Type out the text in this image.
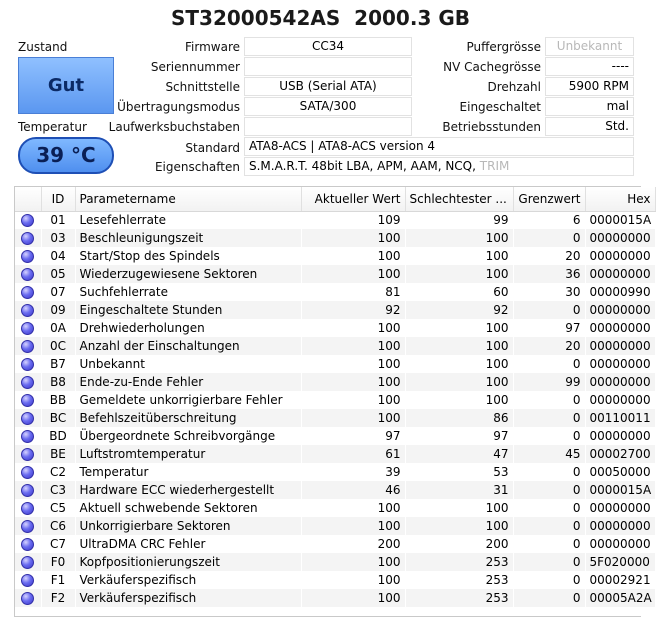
ST32000542AS  2000.3 GB
Zustand
Gut
Temperatur
39 °C
Firmware	CC34
Seriennummer
Schnittstelle	USB (Serial ATA)
Übertragungsmodus	SATA/300
Laufwerksbuchstaben
Puffergrösse	Unbekannt
NV Cachegrösse	----
Drehzahl	5900 RPM
Eingeschaltet	mal
Betriebsstunden	Std.
Standard ATA8-ACS | ATA8-ACS version 4
Eigenschaften S.M.A.R.T. 48bit LBA, APM, AAM, NCQ, TRIM
	ID	Parametername	Aktueller Wert	Schlechtester ...	Grenzwert	Hex
	01	Lesefehlerrate	109	99	6	0000015A
	03	Beschleunigungszeit	100	100	0	00000000
	04	Start/Stop des Spindels	100	100	20	00000000
	05	Wiederzugewiesene Sektoren	100	100	36	00000000
	07	Suchfehlerrate	81	60	30	00000990
	09	Eingeschaltete Stunden	92	92	0	00000000
	0A	Drehwiederholungen	100	100	97	00000000
	0C	Anzahl der Einschaltungen	100	100	20	00000000
	B7	Unbekannt	100	100	0	00000000
	B8	Ende-zu-Ende Fehler	100	100	99	00000000
	BB	Gemeldete unkorrigierbare Fehler	100	100	0	00000000
	BC	Befehlszeitüberschreitung	100	86	0	00110011
	BD	Übergeordnete Schreibvorgänge	97	97	0	00000000
	BE	Luftstromtemperatur	61	47	45	00002700
	C2	Temperatur	39	53	0	00050000
	C3	Hardware ECC wiederhergestellt	46	31	0	0000015A
	C5	Aktuell schwebende Sektoren	100	100	0	00000000
	C6	Unkorrigierbare Sektoren	100	100	0	00000000
	C7	UltraDMA CRC Fehler	200	200	0	00000000
	F0	Kopfpositionierungszeit	100	253	0	5F020000
	F1	Verkäuferspezifisch	100	253	0	00002921
	F2	Verkäuferspezifisch	100	253	0	00005A2A
